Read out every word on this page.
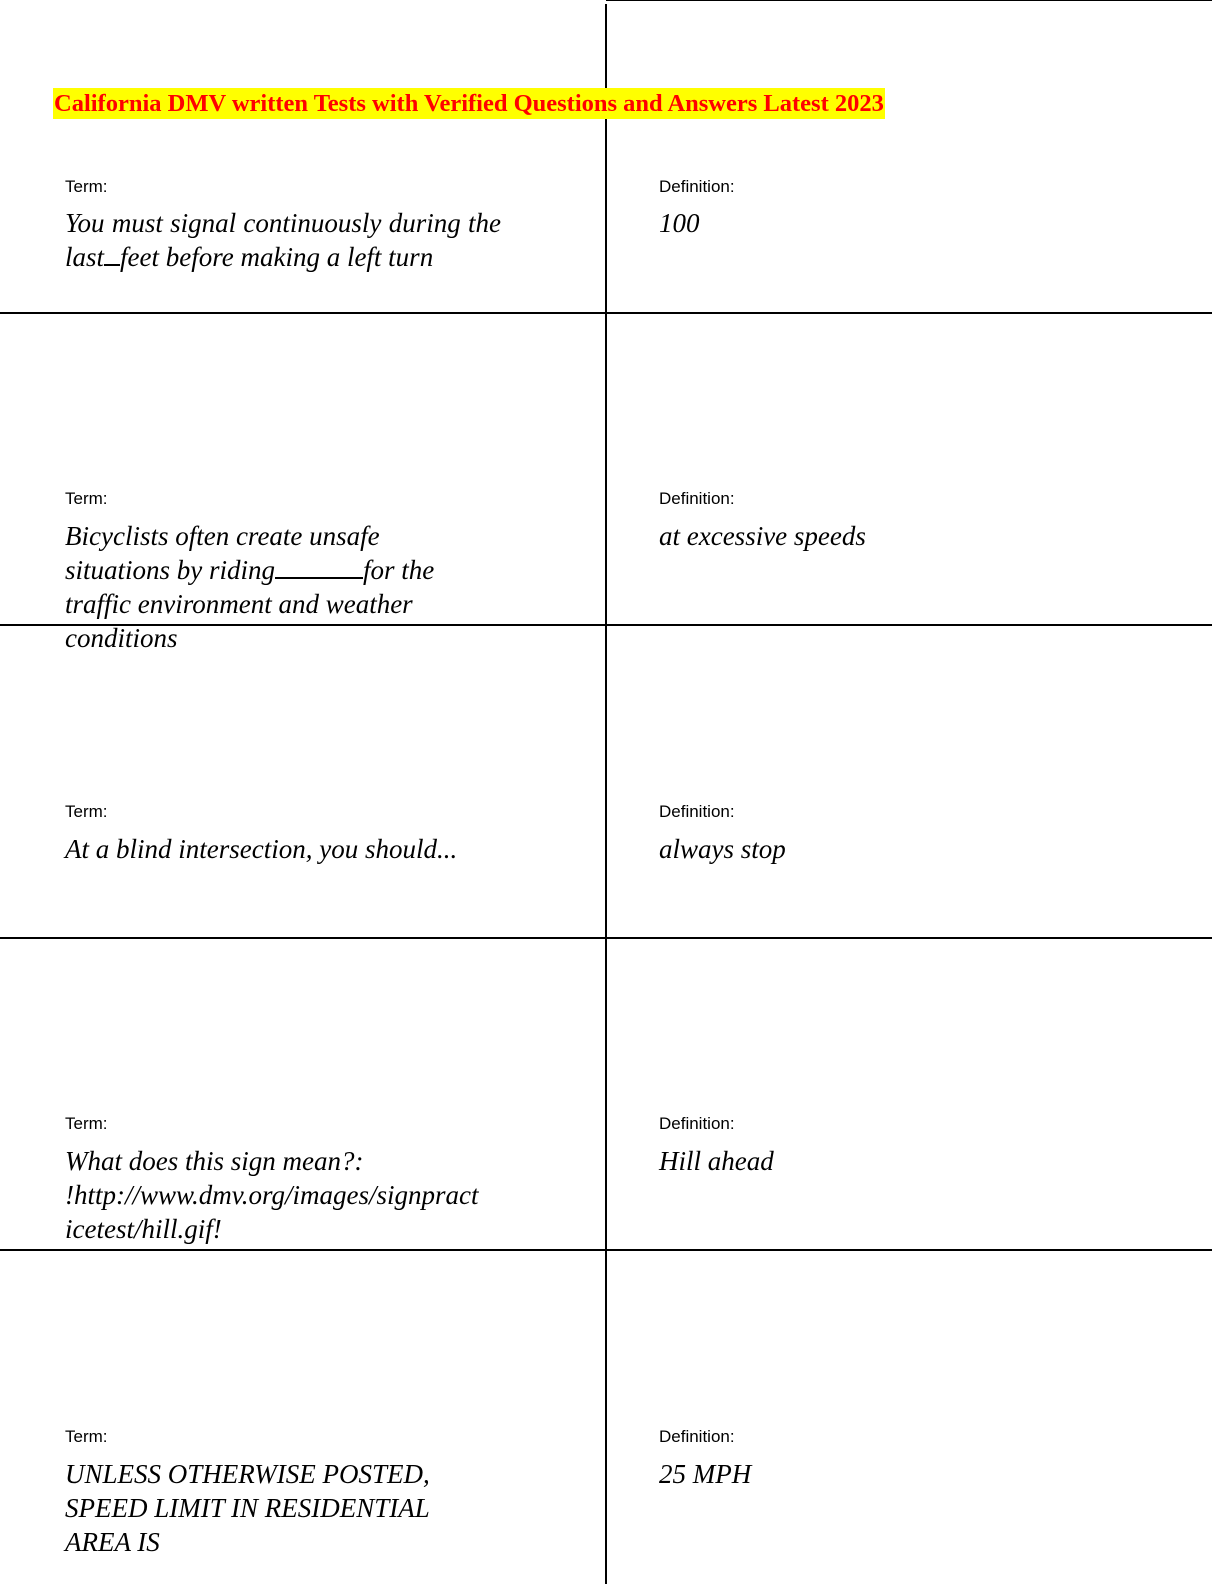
California DMV written Tests with Verified Questions and Answers Latest 2023
Term:

You must signal continuously during the last feet before making a left turn

Definition:

100

Term:

Bicyclists often create unsafe situations by riding	for the traffic environment and weather conditions

Definition:

at excessive speeds

Term:

At a blind intersection, you should...

Definition:

always stop

Term:

What does this sign mean?:
!http://www.dmv.org/images/signpract
icetest/hill.gif!

Definition:

Hill ahead

Term:

UNLESS OTHERWISE POSTED,
SPEED LIMIT IN RESIDENTIAL
AREA IS

Definition:

25 MPH
